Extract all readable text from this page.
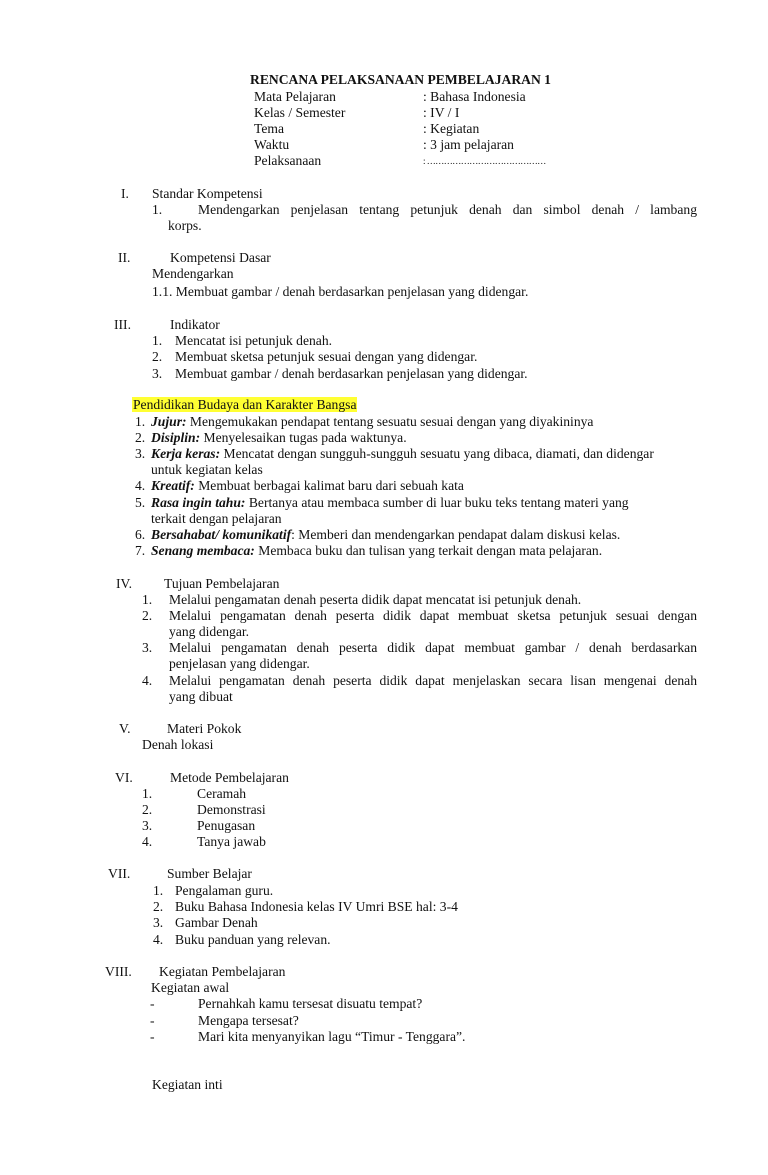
RENCANA PELAKSANAAN PEMBELAJARAN 1
Mata Pelajaran	: Bahasa Indonesia
Kelas / Semester	: IV / I
Tema	: Kegiatan
Waktu	: 3 jam pelajaran
Pelaksanaan	: ……………………………………
I. Standar Kompetensi
1.	Mendengarkan penjelasan tentang petunjuk denah dan simbol denah / lambang
korps.
II.	Kompetensi Dasar
Mendengarkan
1.1. Membuat gambar / denah berdasarkan penjelasan yang didengar.
III.	Indikator
1. Mencatat isi petunjuk denah.
2. Membuat sketsa petunjuk sesuai dengan yang didengar.
3. Membuat gambar / denah berdasarkan penjelasan yang didengar.
Pendidikan Budaya dan Karakter Bangsa
1. Jujur: Mengemukakan pendapat tentang sesuatu sesuai dengan yang diyakininya
2. Disiplin: Menyelesaikan tugas pada waktunya.
3. Kerja keras: Mencatat dengan sungguh-sungguh sesuatu yang dibaca, diamati, dan didengar
untuk kegiatan kelas
4. Kreatif: Membuat berbagai kalimat baru dari sebuah kata
5. Rasa ingin tahu: Bertanya atau membaca sumber di luar buku teks tentang materi yang
terkait dengan pelajaran
6. Bersahabat/ komunikatif: Memberi dan mendengarkan pendapat dalam diskusi kelas.
7. Senang membaca: Membaca buku dan tulisan yang terkait dengan mata pelajaran.
IV. Tujuan Pembelajaran
1. Melalui pengamatan denah peserta didik dapat mencatat isi petunjuk denah.
2. Melalui pengamatan denah peserta didik dapat membuat sketsa petunjuk sesuai dengan
yang didengar.
3. Melalui pengamatan denah peserta didik dapat membuat gambar / denah berdasarkan
penjelasan yang didengar.
4. Melalui pengamatan denah peserta didik dapat menjelaskan secara lisan mengenai denah
yang dibuat
V.	Materi Pokok
Denah lokasi
VI.	Metode Pembelajaran
1.	Ceramah
2.	Demonstrasi
3.	Penugasan
4.	Tanya jawab
VII.	Sumber Belajar
1. Pengalaman guru.
2. Buku Bahasa Indonesia kelas IV Umri BSE hal: 3-4
3. Gambar Denah
4. Buku panduan yang relevan.
VIII. Kegiatan Pembelajaran
Kegiatan awal
-	Pernahkah kamu tersesat disuatu tempat?
-	Mengapa tersesat?
-	Mari kita menyanyikan lagu “Timur - Tenggara”.
Kegiatan inti
